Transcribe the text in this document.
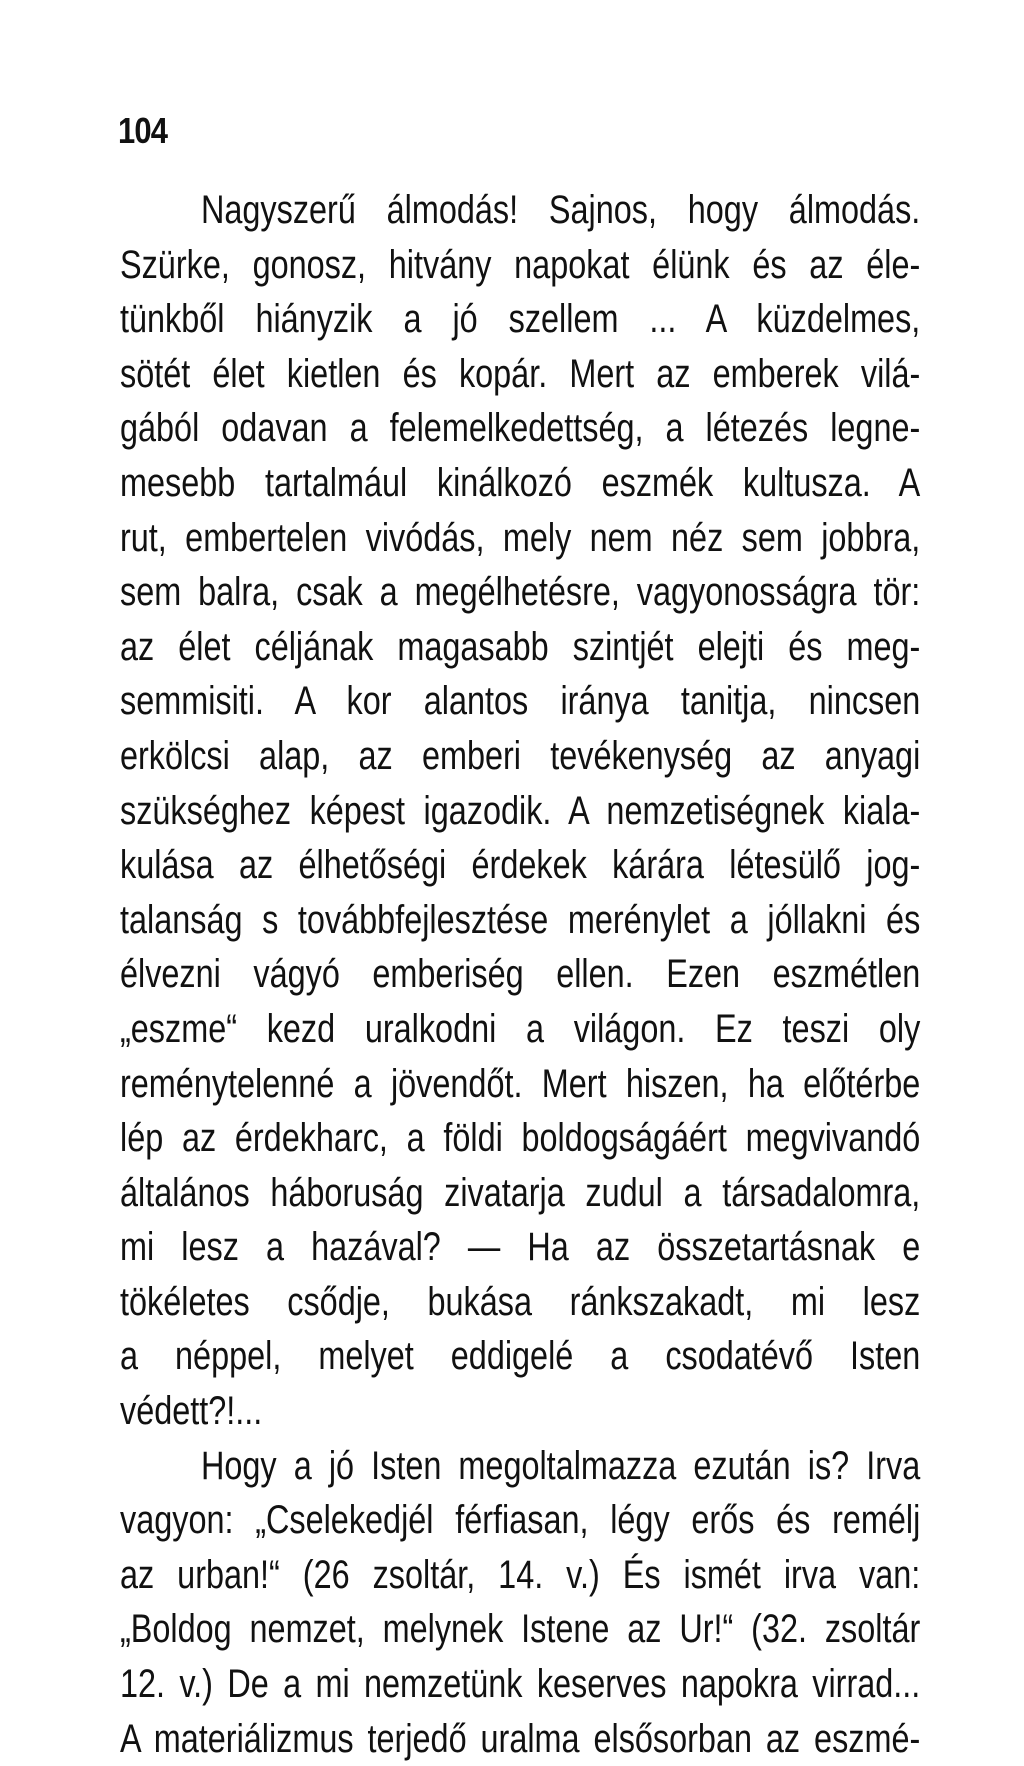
104
Nagyszerű álmodás! Sajnos, hogy álmodás.
Szürke, gonosz, hitvány napokat élünk és az éle-
tünkből hiányzik a jó szellem ... A küzdelmes,
sötét élet kietlen és kopár. Mert az emberek vilá-
gából odavan a felemelkedettség, a létezés legne-
mesebb tartalmául kinálkozó eszmék kultusza. A
rut, embertelen vivódás, mely nem néz sem jobbra,
sem balra, csak a megélhetésre, vagyonosságra tör:
az élet céljának magasabb szintjét elejti és meg-
semmisiti. A kor alantos iránya tanitja, nincsen
erkölcsi alap, az emberi tevékenység az anyagi
szükséghez képest igazodik. A nemzetiségnek kiala-
kulása az élhetőségi érdekek kárára létesülő jog-
talanság s továbbfejlesztése merénylet a jóllakni és
élvezni vágyó emberiség ellen. Ezen eszmétlen
„eszme“ kezd uralkodni a világon. Ez teszi oly
reménytelenné a jövendőt. Mert hiszen, ha előtérbe
lép az érdekharc, a földi boldogságáért megvivandó
általános háboruság zivatarja zudul a társadalomra,
mi lesz a hazával? — Ha az összetartásnak e
tökéletes csődje, bukása ránkszakadt, mi lesz
a néppel, melyet eddigelé a csodatévő Isten
védett?!...
Hogy a jó Isten megoltalmazza ezután is? Irva
vagyon: „Cselekedjél férfiasan, légy erős és remélj
az urban!“ (26 zsoltár, 14. v.) És ismét irva van:
„Boldog nemzet, melynek Istene az Ur!“ (32. zsoltár
12. v.) De a mi nemzetünk keserves napokra virrad...
A materiálizmus terjedő uralma elsősorban az eszmé-
